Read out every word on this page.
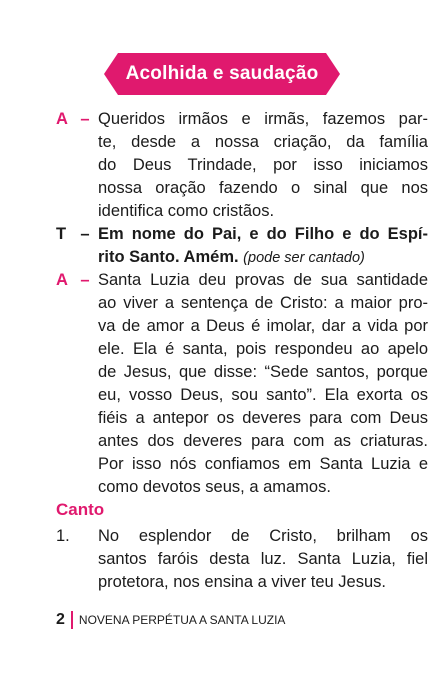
Acolhida e saudação
A – Queridos irmãos e irmãs, fazemos par-
te, desde a nossa criação, da família
do Deus Trindade, por isso iniciamos
nossa oração fazendo o sinal que nos
identifica como cristãos.
T – Em nome do Pai, e do Filho e do Espí-
rito Santo. Amém. (pode ser cantado)
A – Santa Luzia deu provas de sua santidade
ao viver a sentença de Cristo: a maior pro-
va de amor a Deus é imolar, dar a vida por
ele. Ela é santa, pois respondeu ao apelo
de Jesus, que disse: “Sede santos, porque
eu, vosso Deus, sou santo”. Ela exorta os
fiéis a antepor os deveres para com Deus
antes dos deveres para com as criaturas.
Por isso nós confiamos em Santa Luzia e
como devotos seus, a amamos.
Canto
1. No esplendor de Cristo, brilham os
santos faróis desta luz. Santa Luzia, fiel
protetora, nos ensina a viver teu Jesus.
2 NOVENA PERPÉTUA A SANTA LUZIA
